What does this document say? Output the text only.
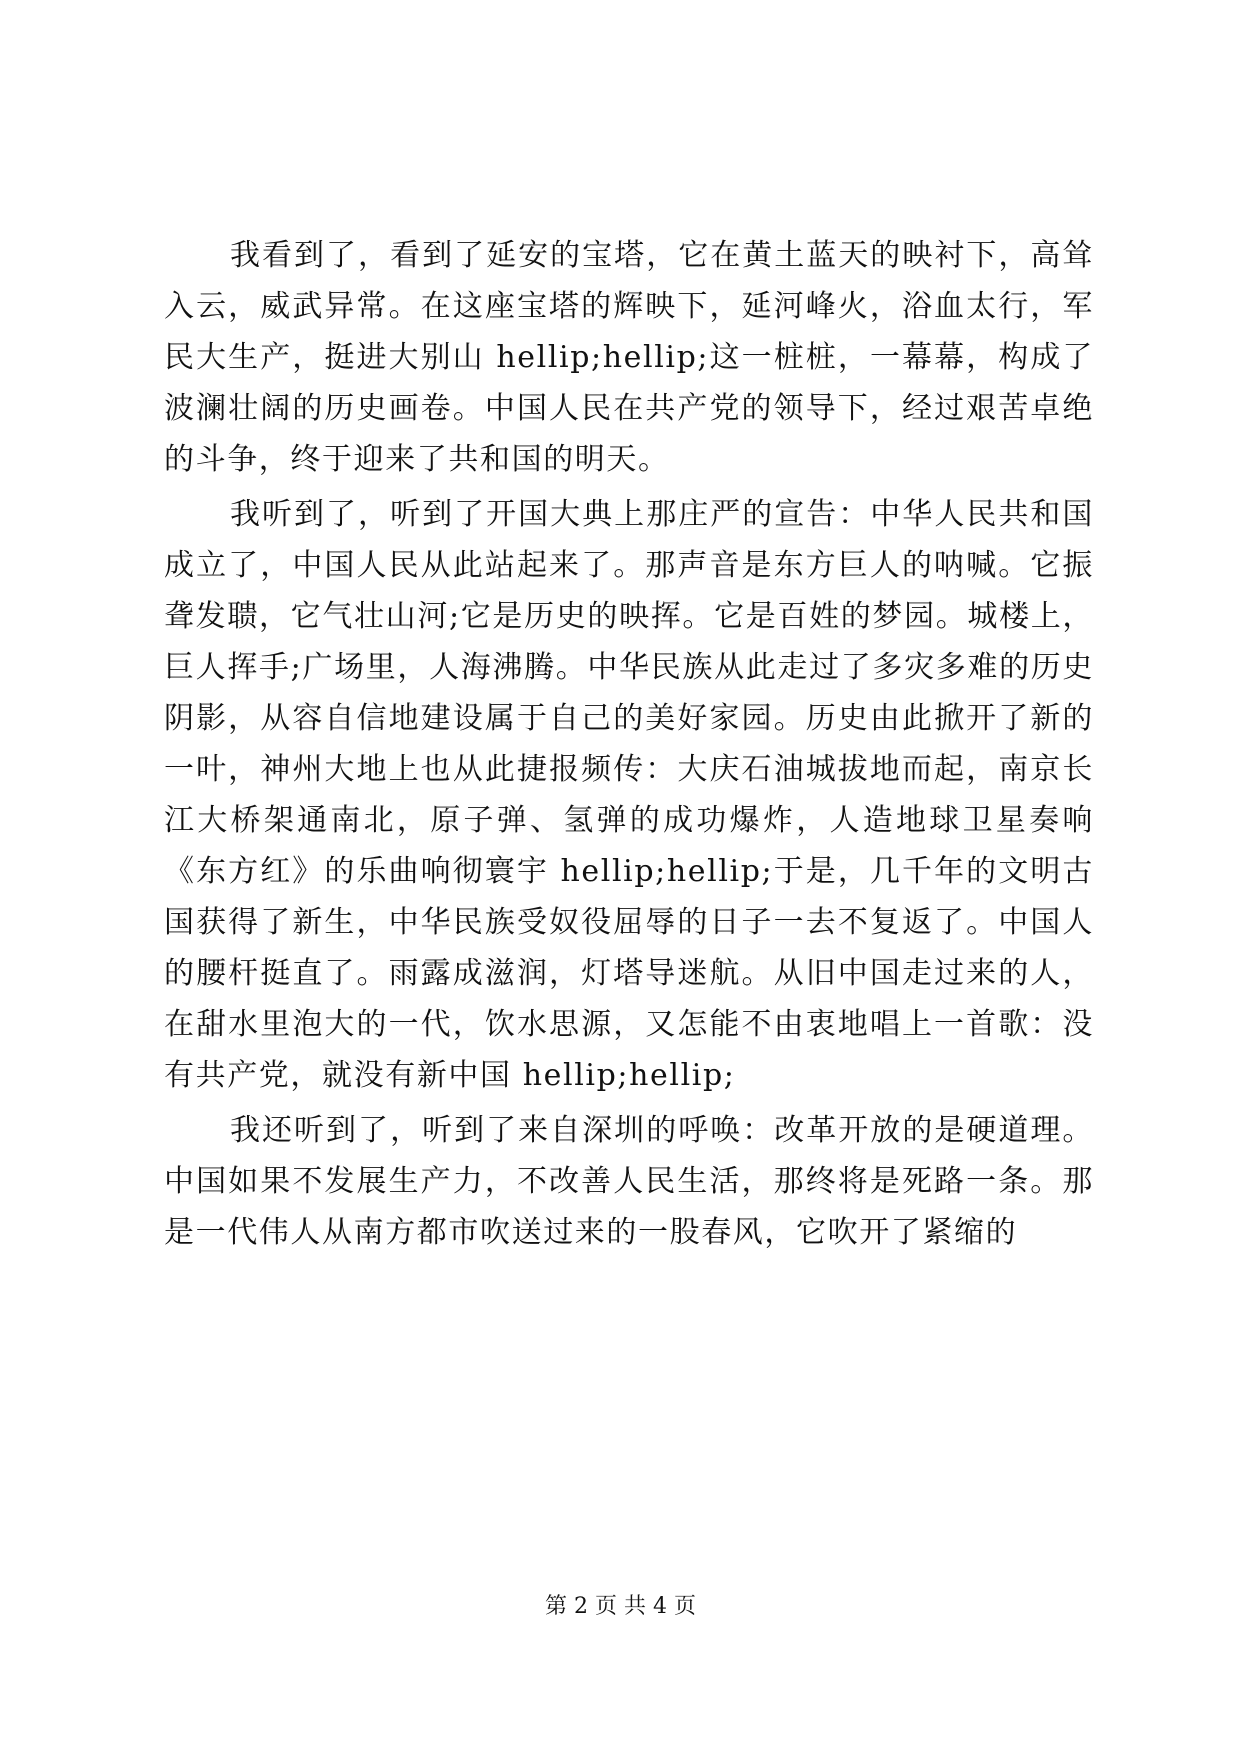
我看到了，看到了延安的宝塔，它在黄土蓝天的映衬下，高耸入云，威武异常。在这座宝塔的辉映下，延河峰火，浴血太行，军民大生产，挺进大别山 hellip;hellip;这一桩桩，一幕幕，构成了波澜壮阔的历史画卷。中国人民在共产党的领导下，经过艰苦卓绝的斗争，终于迎来了共和国的明天。

我听到了，听到了开国大典上那庄严的宣告：中华人民共和国成立了，中国人民从此站起来了。那声音是东方巨人的呐喊。它振聋发聩，它气壮山河;它是历史的映挥。它是百姓的梦园。城楼上，巨人挥手;广场里，人海沸腾。中华民族从此走过了多灾多难的历史阴影，从容自信地建设属于自己的美好家园。历史由此掀开了新的一叶，神州大地上也从此捷报频传：大庆石油城拔地而起，南京长江大桥架通南北，原子弹、氢弹的成功爆炸，人造地球卫星奏响《东方红》的乐曲响彻寰宇 hellip;hellip;于是，几千年的文明古国获得了新生，中华民族受奴役屈辱的日子一去不复返了。中国人的腰杆挺直了。雨露成滋润，灯塔导迷航。从旧中国走过来的人，在甜水里泡大的一代，饮水思源，又怎能不由衷地唱上一首歌：没有共产党，就没有新中国 hellip;hellip;

我还听到了，听到了来自深圳的呼唤：改革开放的是硬道理。中国如果不发展生产力，不改善人民生活，那终将是死路一条。那是一代伟人从南方都市吹送过来的一股春风，它吹开了紧缩的

第 2 页 共 4 页
